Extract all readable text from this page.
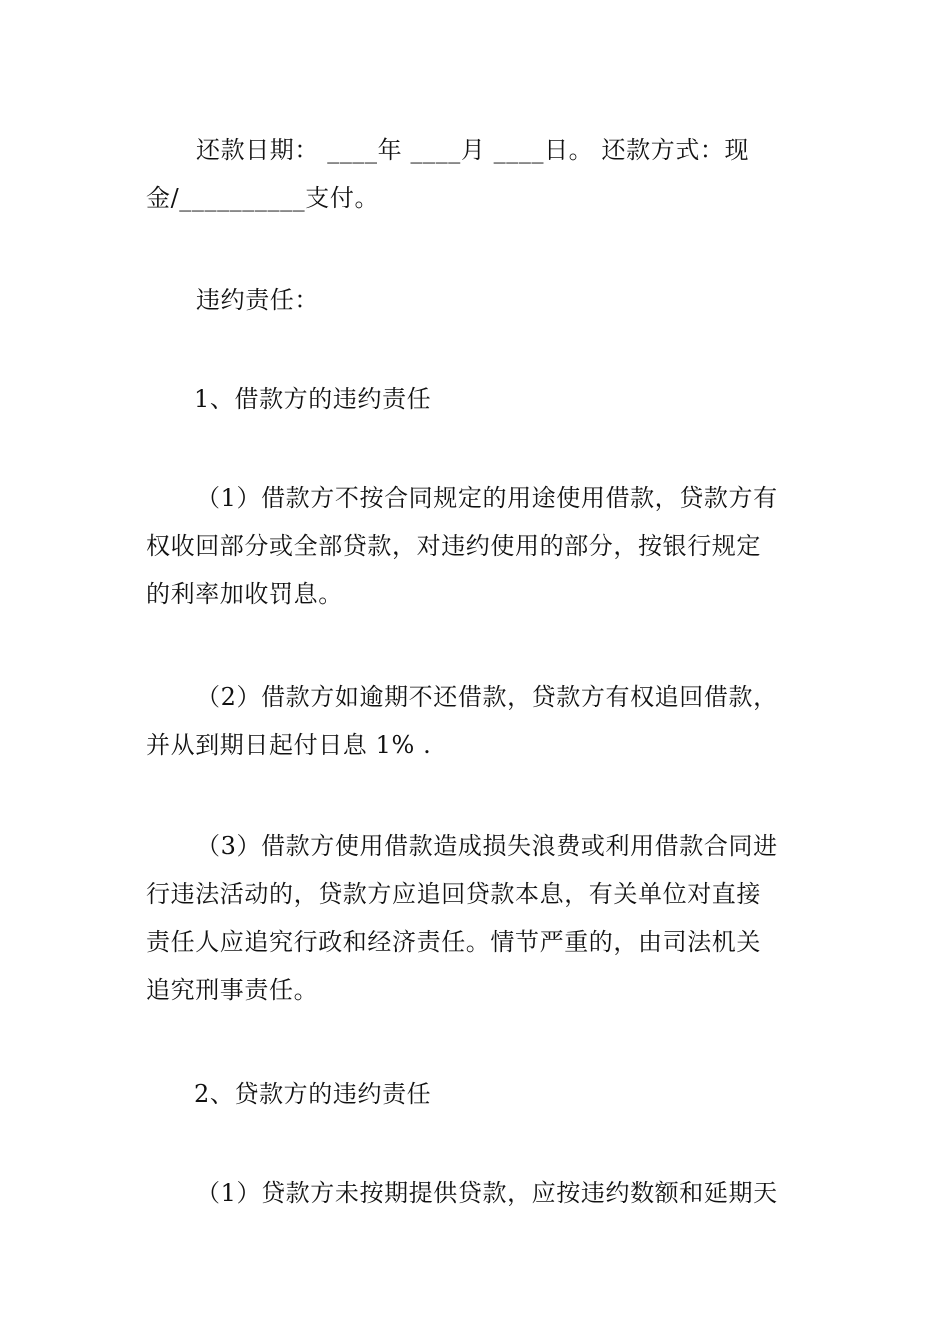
还款日期： ____年 ____月 ____日。 还款方式：现
金/__________支付。

违约责任：

1、借款方的违约责任

（1）借款方不按合同规定的用途使用借款，贷款方有
权收回部分或全部贷款，对违约使用的部分，按银行规定
的利率加收罚息。

（2）借款方如逾期不还借款，贷款方有权追回借款，
并从到期日起付日息 1% .

（3）借款方使用借款造成损失浪费或利用借款合同进
行违法活动的，贷款方应追回贷款本息，有关单位对直接
责任人应追究行政和经济责任。情节严重的，由司法机关
追究刑事责任。

2、贷款方的违约责任

（1）贷款方未按期提供贷款，应按违约数额和延期天
